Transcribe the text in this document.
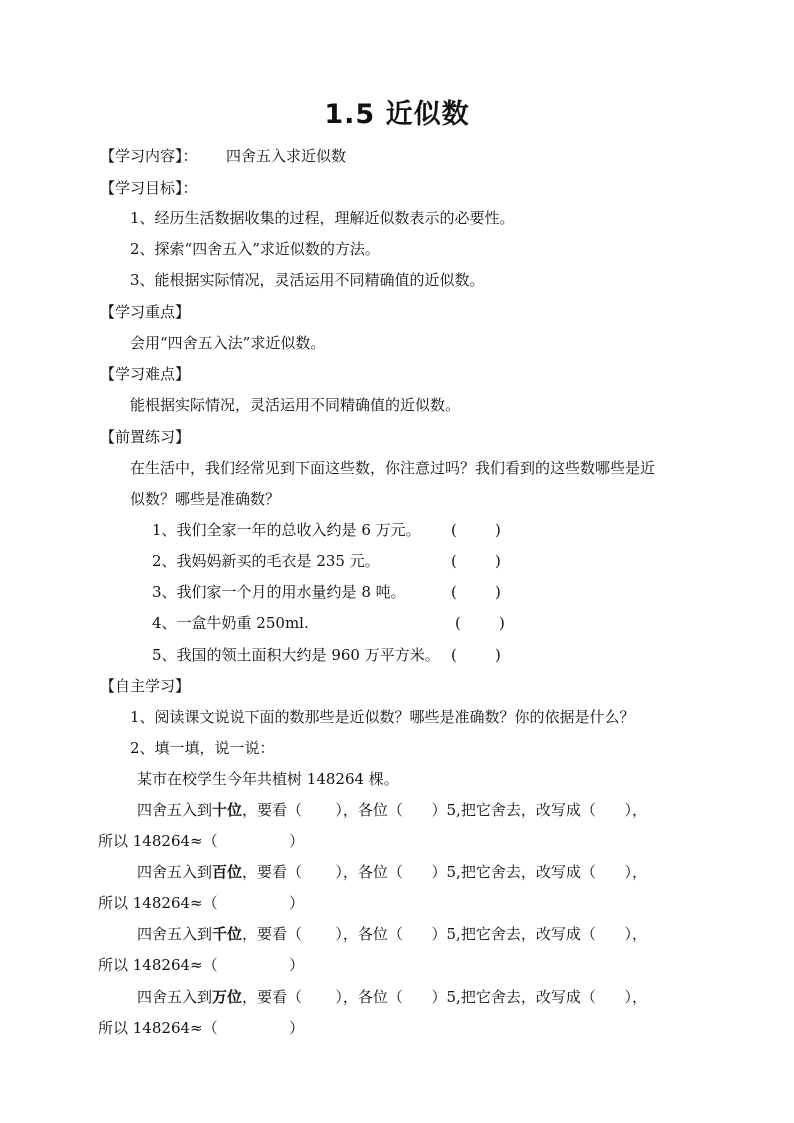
1.5 近似数
【学习内容】： 四舍五入求近似数
【学习目标】：
1、经历生活数据收集的过程，理解近似数表示的必要性。
2、探索“四舍五入”求近似数的方法。
3、能根据实际情况，灵活运用不同精确值的近似数。
【学习重点】
会用“四舍五入法”求近似数。
【学习难点】
能根据实际情况，灵活运用不同精确值的近似数。
【前置练习】
在生活中，我们经常见到下面这些数，你注意过吗？我们看到的这些数哪些是近
似数？哪些是准确数？
1、我们全家一年的总收入约是 6 万元。 (        )
2、我妈妈新买的毛衣是 235 元。	(        )
3、我们家一个月的用水量约是 8 吨。	(        )
4、一盒牛奶重 250ml.	(        )
5、我国的领土面积大约是 960 万平方米。 (        )
【自主学习】
1、阅读课文说说下面的数那些是近似数？哪些是准确数？你的依据是什么？
2、填一填，说一说：
某市在校学生今年共植树 148264 棵。
四舍五入到十位，要看（       ），各位（      ）5,把它舍去，改写成（      ），
所以 148264≈（               ）
四舍五入到百位，要看（       ），各位（      ）5,把它舍去，改写成（      ），
所以 148264≈（               ）
四舍五入到千位，要看（       ），各位（      ）5,把它舍去，改写成（      ），
所以 148264≈（               ）
四舍五入到万位，要看（       ），各位（      ）5,把它舍去，改写成（      ），
所以 148264≈（               ）
